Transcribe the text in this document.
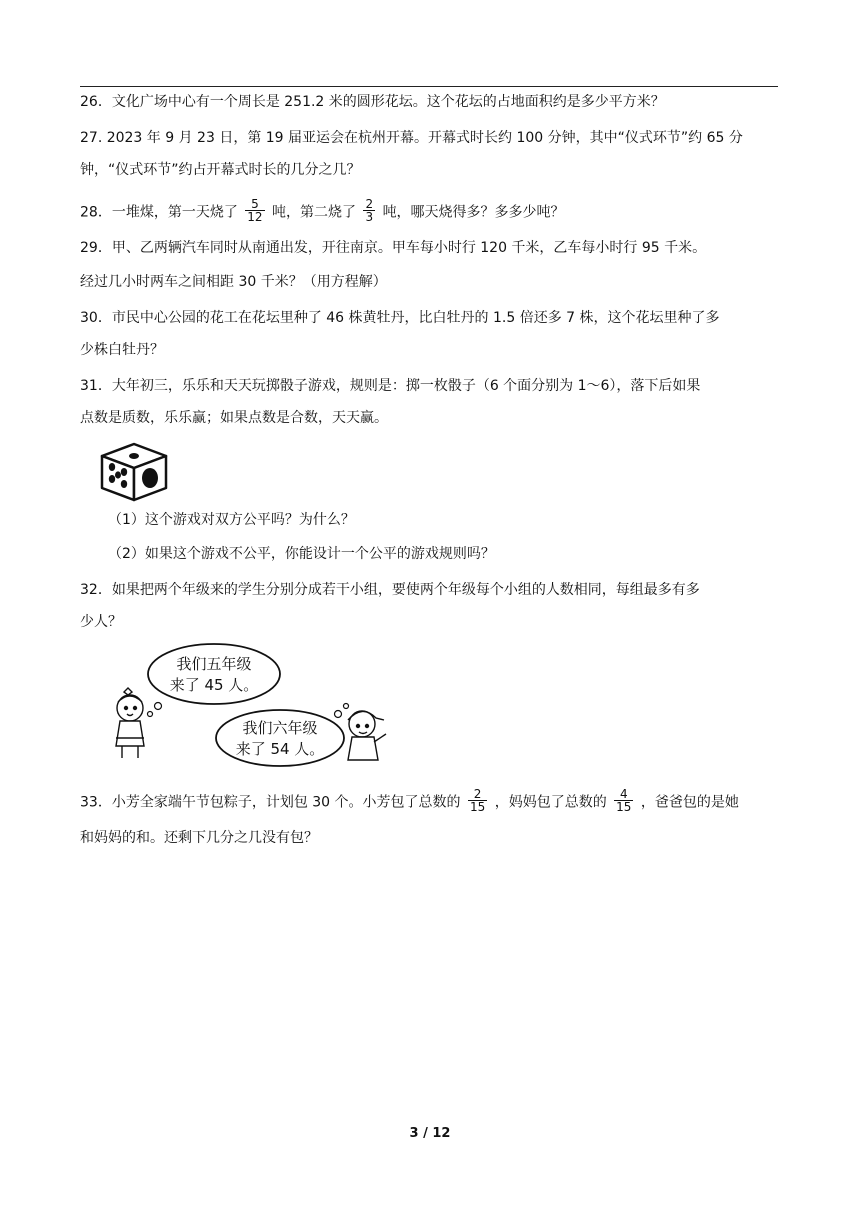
26．文化广场中心有一个周长是 251.2 米的圆形花坛。这个花坛的占地面积约是多少平方米？
27. 2023 年 9 月 23 日，第 19 届亚运会在杭州开幕。开幕式时长约 100 分钟，其中“仪式环节”约 65 分
钟，“仪式环节”约占开幕式时长的几分之几？
28．一堆煤，第一天烧了 $\frac{5}{12}$ 吨，第二烧了 $\frac{2}{3}$ 吨，哪天烧得多？多多少吨？
29．甲、乙两辆汽车同时从南通出发，开往南京。甲车每小时行 120 千米，乙车每小时行 95 千米。
经过几小时两车之间相距 30 千米？（用方程解）
30．市民中心公园的花工在花坛里种了 46 株黄牡丹，比白牡丹的 1.5 倍还多 7 株，这个花坛里种了多
少株白牡丹？
31．大年初三，乐乐和天天玩掷骰子游戏，规则是：掷一枚骰子（6 个面分别为 1～6），落下后如果
点数是质数，乐乐赢；如果点数是合数，天天赢。
（1）这个游戏对双方公平吗？为什么？
（2）如果这个游戏不公平，你能设计一个公平的游戏规则吗？
32．如果把两个年级来的学生分别分成若干小组，要使两个年级每个小组的人数相同，每组最多有多
少人？
我们五年级
来了 45 人。
我们六年级
来了 54 人。
33．小芳全家端午节包粽子，计划包 30 个。小芳包了总数的 $\frac{2}{15}$ ，妈妈包了总数的 $\frac{4}{15}$ ，爸爸包的是她
和妈妈的和。还剩下几分之几没有包？
3 / 12
